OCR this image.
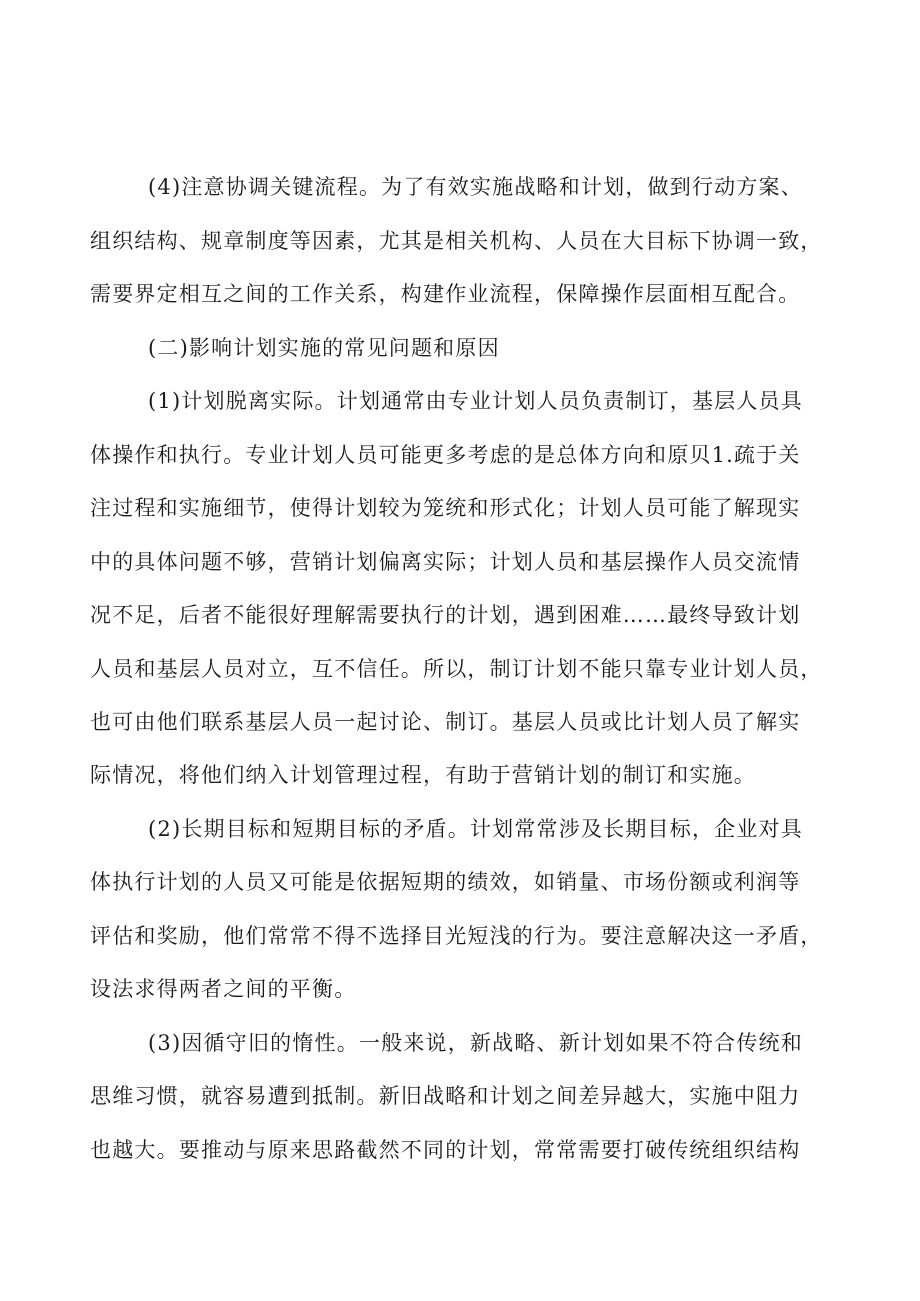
(4)注意协调关键流程。为了有效实施战略和计划，做到行动方案、

组织结构、规章制度等因素，尤其是相关机构、人员在大目标下协调一致，

需要界定相互之间的工作关系，构建作业流程，保障操作层面相互配合。

(二)影响计划实施的常见问题和原因

(1)计划脱离实际。计划通常由专业计划人员负责制订，基层人员具

体操作和执行。专业计划人员可能更多考虑的是总体方向和原贝1.疏于关

注过程和实施细节，使得计划较为笼统和形式化；计划人员可能了解现实

中的具体问题不够，营销计划偏离实际；计划人员和基层操作人员交流情

况不足，后者不能很好理解需要执行的计划，遇到困难……最终导致计划

人员和基层人员对立，互不信任。所以，制订计划不能只靠专业计划人员，

也可由他们联系基层人员一起讨论、制订。基层人员或比计划人员了解实

际情况，将他们纳入计划管理过程，有助于营销计划的制订和实施。

(2)长期目标和短期目标的矛盾。计划常常涉及长期目标，企业对具

体执行计划的人员又可能是依据短期的绩效，如销量、市场份额或利润等

评估和奖励，他们常常不得不选择目光短浅的行为。要注意解决这一矛盾，

设法求得两者之间的平衡。

(3)因循守旧的惰性。一般来说，新战略、新计划如果不符合传统和

思维习惯，就容易遭到抵制。新旧战略和计划之间差异越大，实施中阻力

也越大。要推动与原来思路截然不同的计划，常常需要打破传统组织结构
